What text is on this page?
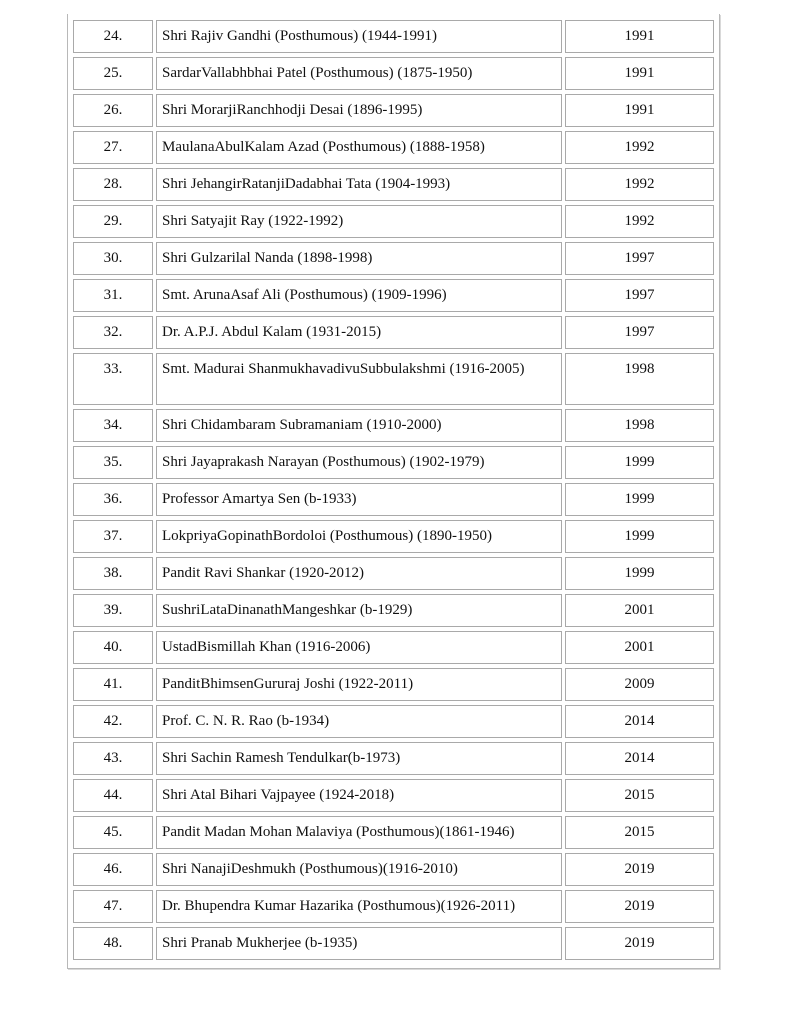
24.	Shri Rajiv Gandhi (Posthumous) (1944-1991)	1991
25.	SardarVallabhbhai Patel (Posthumous) (1875-1950)	1991
26.	Shri MorarjiRanchhodji Desai (1896-1995)	1991
27.	MaulanaAbulKalam Azad (Posthumous) (1888-1958)	1992
28.	Shri JehangirRatanjiDadabhai Tata (1904-1993)	1992
29.	Shri Satyajit Ray (1922-1992)	1992
30.	Shri Gulzarilal Nanda (1898-1998)	1997
31.	Smt. ArunaAsaf Ali (Posthumous) (1909-1996)	1997
32.	Dr. A.P.J. Abdul Kalam (1931-2015)	1997
33.	Smt. Madurai ShanmukhavadivuSubbulakshmi (1916-2005)	1998
34.	Shri Chidambaram Subramaniam (1910-2000)	1998
35.	Shri Jayaprakash Narayan (Posthumous) (1902-1979)	1999
36.	Professor Amartya Sen (b-1933)	1999
37.	LokpriyaGopinathBordoloi (Posthumous) (1890-1950)	1999
38.	Pandit Ravi Shankar (1920-2012)	1999
39.	SushriLataDinanathMangeshkar (b-1929)	2001
40.	UstadBismillah Khan (1916-2006)	2001
41.	PanditBhimsenGururaj Joshi (1922-2011)	2009
42.	Prof. C. N. R. Rao (b-1934)	2014
43.	Shri Sachin Ramesh Tendulkar(b-1973)	2014
44.	Shri Atal Bihari Vajpayee (1924-2018)	2015
45.	Pandit Madan Mohan Malaviya (Posthumous)(1861-1946)	2015
46.	Shri NanajiDeshmukh (Posthumous)(1916-2010)	2019
47.	Dr. Bhupendra Kumar Hazarika (Posthumous)(1926-2011)	2019
48.	Shri Pranab Mukherjee (b-1935)	2019
